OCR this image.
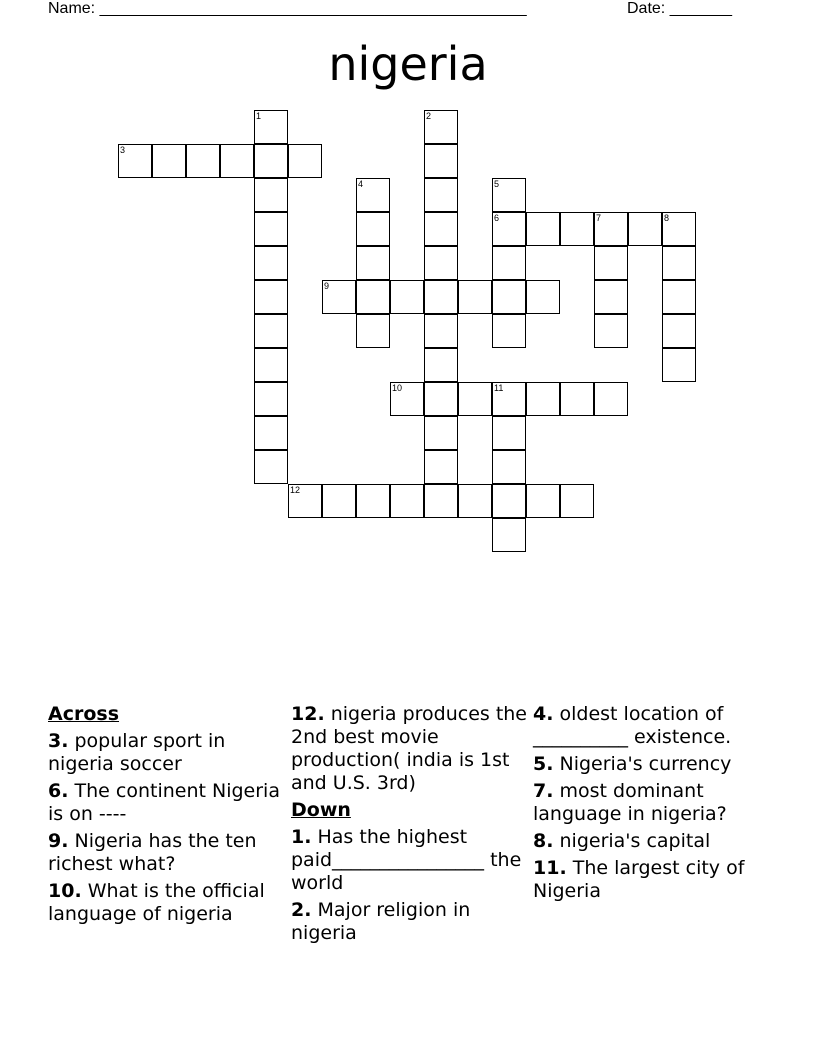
Name: ________________________________________________	Date: _______
nigeria
1	2
3
4	5
6	7	8
9
10	11
12
Across
3. popular sport in nigeria soccer
6. The continent Nigeria is on ----
9. Nigeria has the ten richest what?
10. What is the official language of nigeria
12. nigeria produces the 2nd best movie production( india is 1st and U.S. 3rd)
Down
1. Has the highest paid________________ the world
2. Major religion in nigeria
4. oldest location of __________ existence.
5. Nigeria's currency
7. most dominant language in nigeria?
8. nigeria's capital
11. The largest city of Nigeria
